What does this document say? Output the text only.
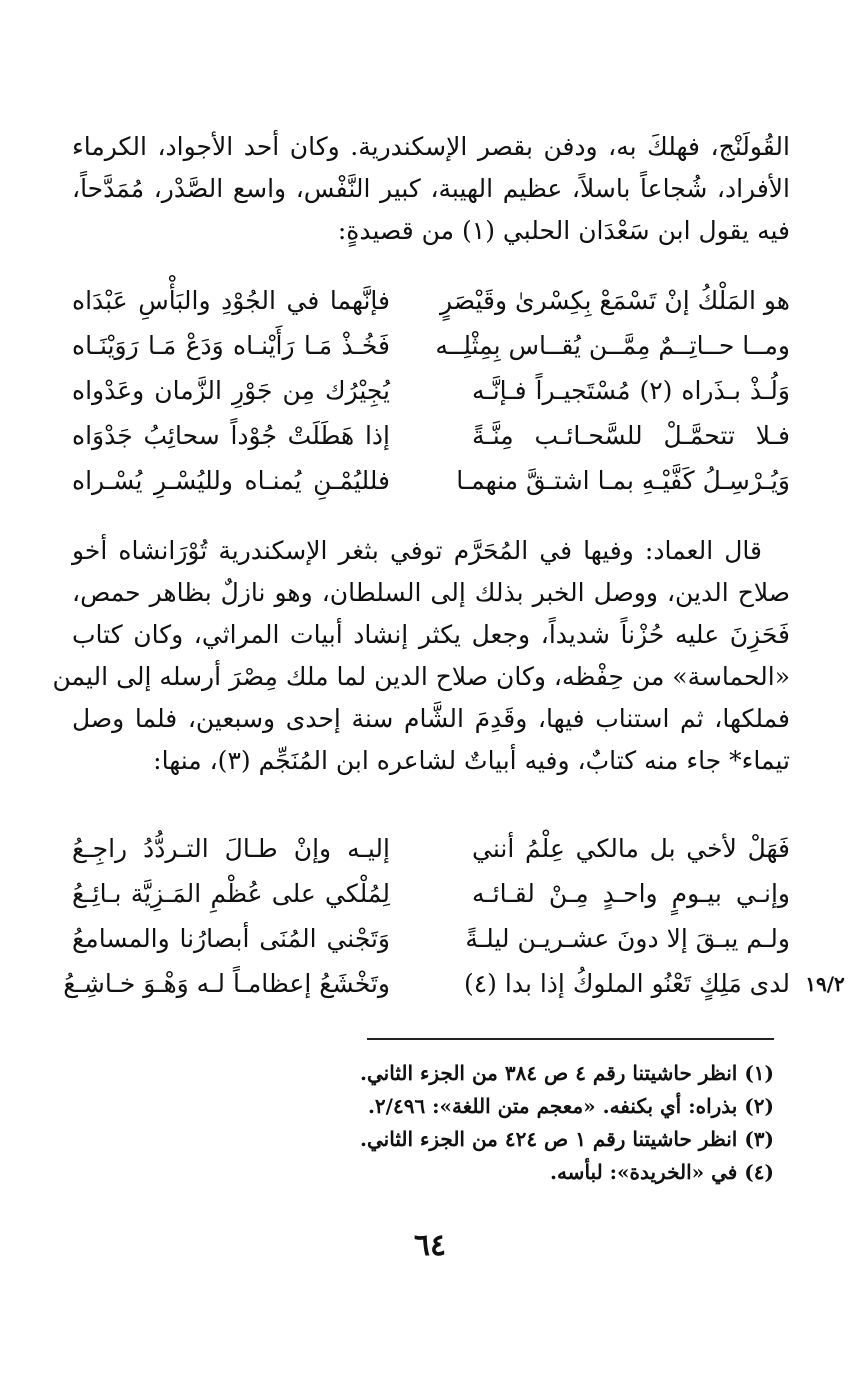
القُولَنْج، فهلكَ به، ودفن بقصر الإسكندرية. وكان أحد الأجواد، الكرماء
الأفراد، شُجاعاً باسلاً، عظيم الهيبة، كبير النَّفْس، واسع الصَّدْر، مُمَدَّحاً،
فيه يقول ابن سَعْدَان الحلبي (١) من قصيدةٍ:
هو المَلْكُ إنْ تَسْمَعْ بِكِسْرىٰ وقَيْصَرٍ
فإنَّهما في الجُوْدِ والبَأْسِ عَبْدَاه
ومــا حــاتِــمٌ مِمَّــن يُقــاس بِمِثْلِــه
فَخُـذْ مَـا رَأَيْنـاه وَدَعْ مَـا رَوَيْنَـاه
وَلُـذْ بـذَراه (٢) مُسْتَجيـراً فـإنَّـه
يُجِيْرُك مِن جَوْرِ الزَّمان وعَدْواه
فـلا تتحمَّـلْ للسَّحـائـب مِنَّـةً
إذا هَطَلَتْ جُوْداً سحائِبُ جَدْوَاه
وَيُـرْسِـلُ كَفَّيْـهِ بمـا اشتـقَّ منهمـا
فلليُمْـنِ يُمنـاه ولليُسْـرِ يُسْـراه
قال العماد: وفيها في المُحَرَّم توفي بثغر الإسكندرية تُوْرَانشاه أخو
صلاح الدين، ووصل الخبر بذلك إلى السلطان، وهو نازلٌ بظاهر حمص،
فَحَزِنَ عليه حُزْناً شديداً، وجعل يكثر إنشاد أبيات المراثي، وكان كتاب
«الحماسة» من حِفْظه، وكان صلاح الدين لما ملك مِصْرَ أرسله إلى اليمن
فملكها، ثم استناب فيها، وقَدِمَ الشَّام سنة إحدى وسبعين، فلما وصل
تيماء* جاء منه كتابٌ، وفيه أبياتٌ لشاعره ابن المُنَجِّم (٣)، منها:
فَهَلْ لأخي بل مالكي عِلْمُ أنني
إليـه وإنْ طـالَ التـردُّدُ راجِـعُ
وإنـي بيـومٍ واحـدٍ مِـنْ لقـائـه
لِمُلْكي على عُظْمِ المَـزِيَّة بـائِـعُ
ولـم يبـقَ إلا دونَ عشـريـن ليلـةً
وَتَجْني المُنَى أبصارُنا والمسامعُ
لدى مَلِكٍ تَعْنُو الملوكُ إذا بدا (٤)
وتَخْشَعُ إعظامـاً لـه وَهْـوَ خـاشِـعُ	١٩/٢
(١) انظر حاشيتنا رقم ٤ ص ٣٨٤ من الجزء الثاني.
(٢) بذراه: أي بكنفه. «معجم متن اللغة»: ٢/٤٩٦.
(٣) انظر حاشيتنا رقم ١ ص ٤٢٤ من الجزء الثاني.
(٤) في «الخريدة»: لبأسه.
٦٤
